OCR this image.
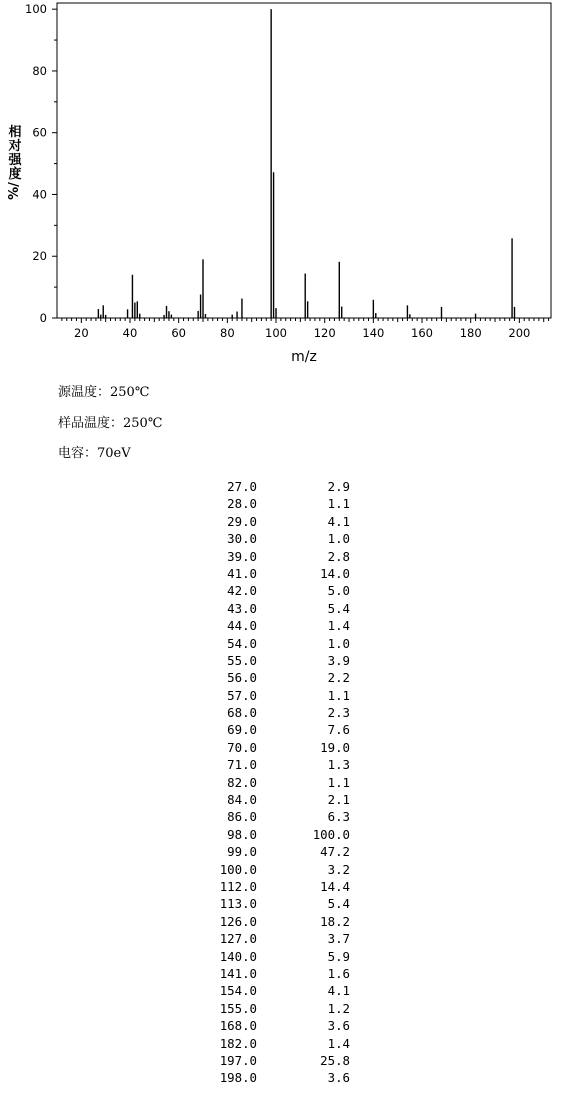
20	40	60	80	100 120 140 160 180 200
0
20
40
60
80
100
m/z
相对强度
%/
源温度：250℃
样品温度：250℃
电容：70eV
27.0	2.9
28.0	1.1
29.0	4.1
30.0	1.0
39.0	2.8
41.0	14.0
42.0	5.0
43.0	5.4
44.0	1.4
54.0	1.0
55.0	3.9
56.0	2.2
57.0	1.1
68.0	2.3
69.0	7.6
70.0	19.0
71.0	1.3
82.0	1.1
84.0	2.1
86.0	6.3
98.0	100.0
99.0	47.2
100.0	3.2
112.0	14.4
113.0	5.4
126.0	18.2
127.0	3.7
140.0	5.9
141.0	1.6
154.0	4.1
155.0	1.2
168.0	3.6
182.0	1.4
197.0	25.8
198.0	3.6
